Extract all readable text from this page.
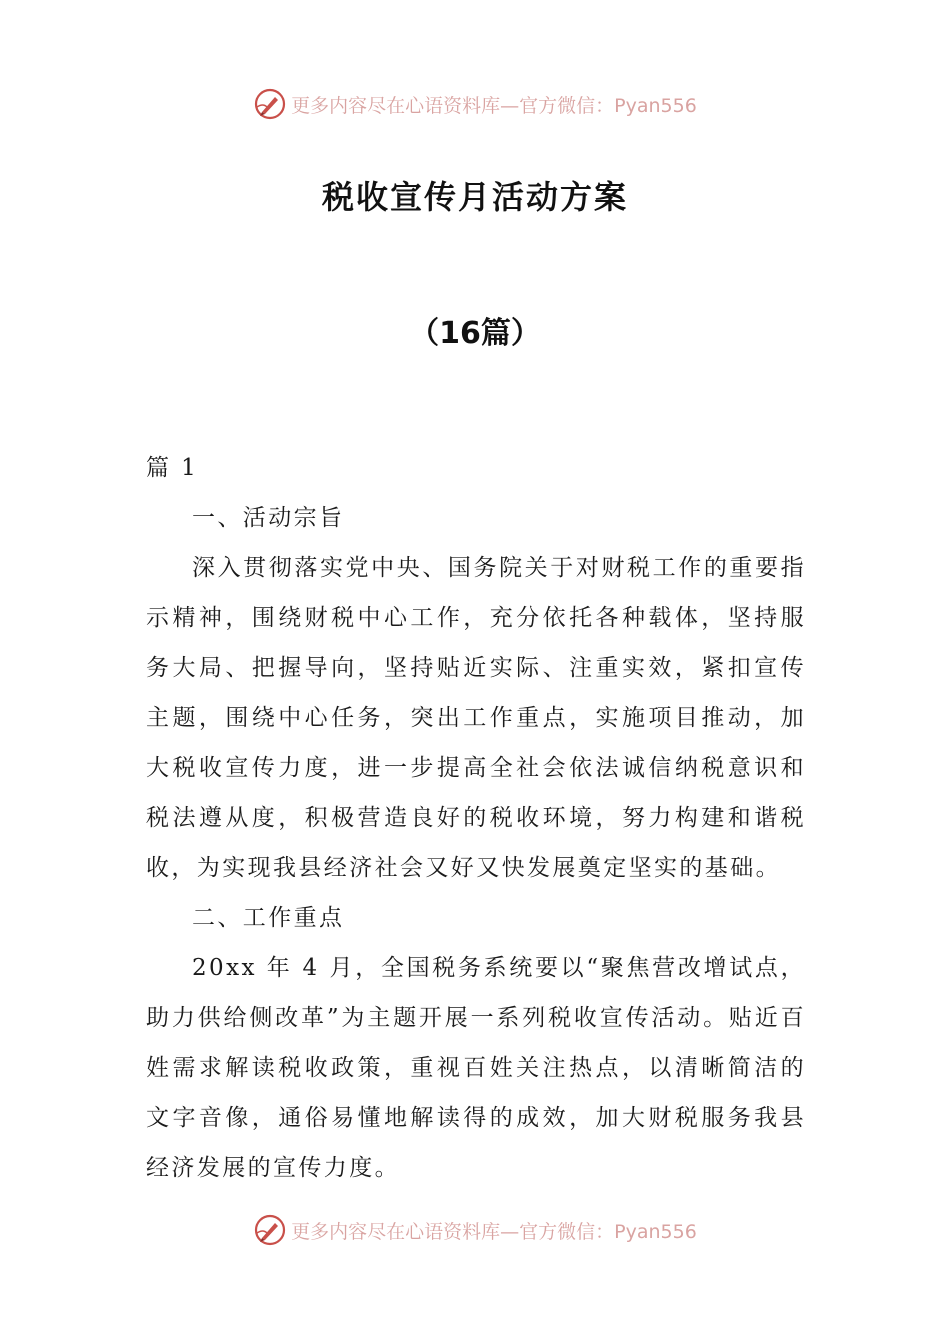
更多内容尽在心语资料库—官方微信：Pyan556
税收宣传月活动方案
（16篇）

篇 1

一、活动宗旨

深入贯彻落实党中央、国务院关于对财税工作的重要指示精神，围绕财税中心工作，充分依托各种载体，坚持服务大局、把握导向，坚持贴近实际、注重实效，紧扣宣传主题，围绕中心任务，突出工作重点，实施项目推动，加大税收宣传力度，进一步提高全社会依法诚信纳税意识和税法遵从度，积极营造良好的税收环境，努力构建和谐税收，为实现我县经济社会又好又快发展奠定坚实的基础。

二、工作重点

20xx 年 4 月，全国税务系统要以“聚焦营改增试点，助力供给侧改革”为主题开展一系列税收宣传活动。贴近百姓需求解读税收政策，重视百姓关注热点，以清晰简洁的文字音像，通俗易懂地解读得的成效，加大财税服务我县经济发展的宣传力度。

更多内容尽在心语资料库—官方微信：Pyan556
